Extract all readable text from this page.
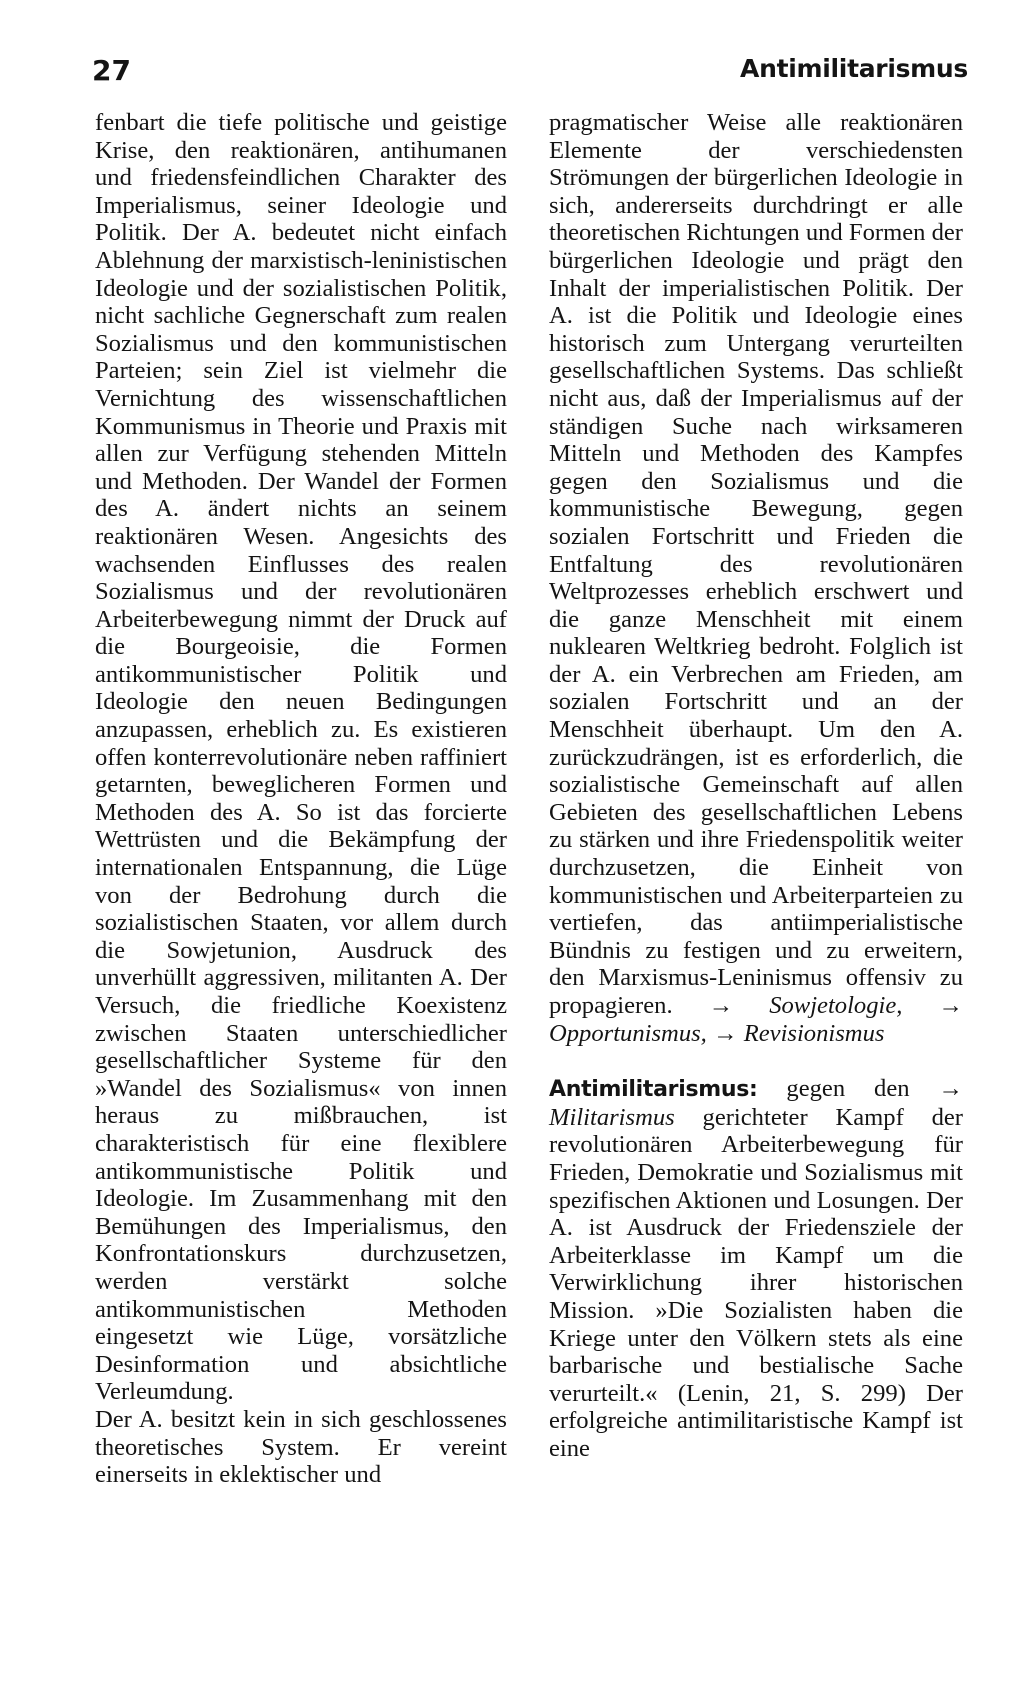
27	Antimilitarismus

fenbart die tiefe politische und geistige Krise, den reaktionären, antihumanen und friedensfeindlichen Charakter des Imperialismus, seiner Ideologie und Politik. Der A. bedeutet nicht einfach Ablehnung der marxistisch-leninistischen Ideologie und der sozialistischen Politik, nicht sachliche Gegnerschaft zum realen Sozialismus und den kommunistischen Parteien; sein Ziel ist vielmehr die Vernichtung des wissenschaftlichen Kommunismus in Theorie und Praxis mit allen zur Verfügung stehenden Mitteln und Methoden. Der Wandel der Formen des A. ändert nichts an seinem reaktionären Wesen. Angesichts des wachsenden Einflusses des realen Sozialismus und der revolutionären Arbeiterbewegung nimmt der Druck auf die Bourgeoisie, die Formen antikommunistischer Politik und Ideologie den neuen Bedingungen anzupassen, erheblich zu. Es existieren offen konterrevolutionäre neben raffiniert getarnten, beweglicheren Formen und Methoden des A. So ist das forcierte Wettrüsten und die Bekämpfung der internationalen Entspannung, die Lüge von der Bedrohung durch die sozialistischen Staaten, vor allem durch die Sowjetunion, Ausdruck des unverhüllt aggressiven, militanten A. Der Versuch, die friedliche Koexistenz zwischen Staaten unterschiedlicher gesellschaftlicher Systeme für den »Wandel des Sozialismus« von innen heraus zu mißbrauchen, ist charakteristisch für eine flexiblere antikommunistische Politik und Ideologie. Im Zusammenhang mit den Bemühungen des Imperialismus, den Konfrontationskurs durchzusetzen, werden verstärkt solche antikommunistischen Methoden eingesetzt wie Lüge, vorsätzliche Desinformation und absichtliche Verleumdung.

Der A. besitzt kein in sich geschlossenes theoretisches System. Er vereint einerseits in eklektischer und

pragmatischer Weise alle reaktionären Elemente der verschiedensten Strömungen der bürgerlichen Ideologie in sich, andererseits durchdringt er alle theoretischen Richtungen und Formen der bürgerlichen Ideologie und prägt den Inhalt der imperialistischen Politik. Der A. ist die Politik und Ideologie eines historisch zum Untergang verurteilten gesellschaftlichen Systems. Das schließt nicht aus, daß der Imperialismus auf der ständigen Suche nach wirksameren Mitteln und Methoden des Kampfes gegen den Sozialismus und die kommunistische Bewegung, gegen sozialen Fortschritt und Frieden die Entfaltung des revolutionären Weltprozesses erheblich erschwert und die ganze Menschheit mit einem nuklearen Weltkrieg bedroht. Folglich ist der A. ein Verbrechen am Frieden, am sozialen Fortschritt und an der Menschheit überhaupt. Um den A. zurückzudrängen, ist es erforderlich, die sozialistische Gemeinschaft auf allen Gebieten des gesellschaftlichen Lebens zu stärken und ihre Friedenspolitik weiter durchzusetzen, die Einheit von kommunistischen und Arbeiterparteien zu vertiefen, das antiimperialistische Bündnis zu festigen und zu erweitern, den Marxismus-Leninismus offensiv zu propagieren. → Sowjetologie, → Opportunismus, → Revisionismus

Antimilitarismus: gegen den → Militarismus gerichteter Kampf der revolutionären Arbeiterbewegung für Frieden, Demokratie und Sozialismus mit spezifischen Aktionen und Losungen. Der A. ist Ausdruck der Friedensziele der Arbeiterklasse im Kampf um die Verwirklichung ihrer historischen Mission. »Die Sozialisten haben die Kriege unter den Völkern stets als eine barbarische und bestialische Sache verurteilt.« (Lenin, 21, S. 299) Der erfolgreiche antimilitaristische Kampf ist eine
